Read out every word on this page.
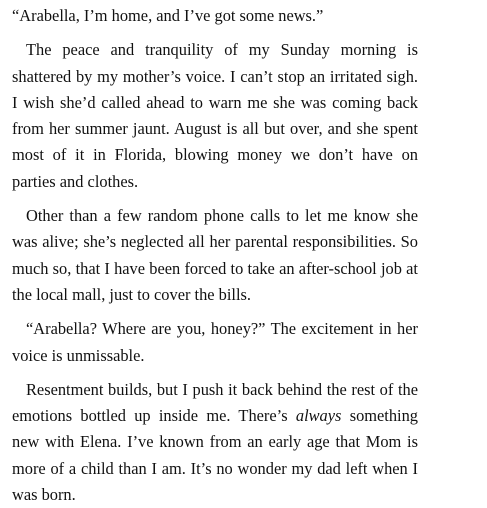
“Arabella, I’m home, and I’ve got some news.”

The peace and tranquility of my Sunday morning is shattered by my mother’s voice. I can’t stop an irritated sigh. I wish she’d called ahead to warn me she was coming back from her summer jaunt. August is all but over, and she spent most of it in Florida, blowing money we don’t have on parties and clothes.

Other than a few random phone calls to let me know she was alive; she’s neglected all her parental responsibilities. So much so, that I have been forced to take an after-school job at the local mall, just to cover the bills.

“Arabella? Where are you, honey?” The excitement in her voice is unmissable.

Resentment builds, but I push it back behind the rest of the emotions bottled up inside me. There’s always something new with Elena. I’ve known from an early age that Mom is more of a child than I am. It’s no wonder my dad left when I was born.
